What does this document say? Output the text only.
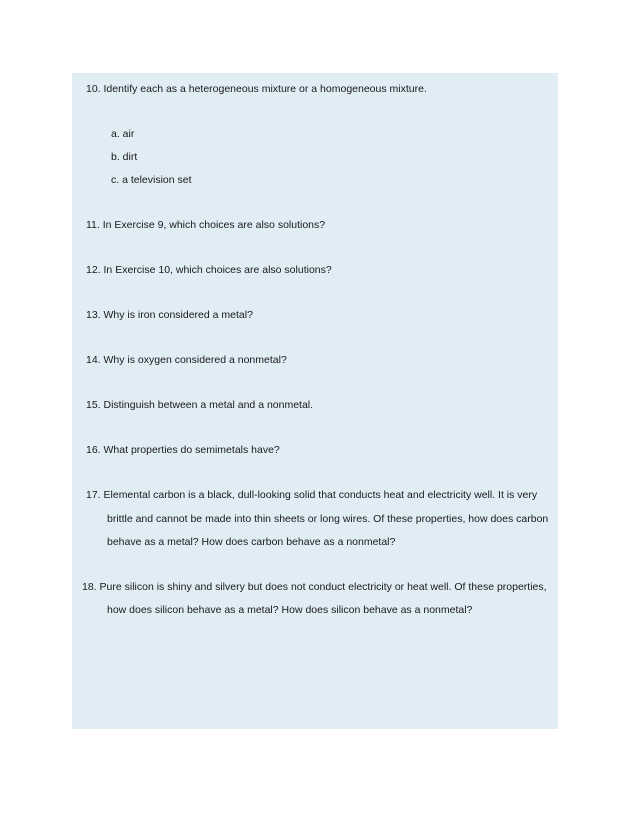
10. Identify each as a heterogeneous mixture or a homogeneous mixture.
a. air
b. dirt
c. a television set
11. In Exercise 9, which choices are also solutions?
12. In Exercise 10, which choices are also solutions?
13. Why is iron considered a metal?
14. Why is oxygen considered a nonmetal?
15. Distinguish between a metal and a nonmetal.
16. What properties do semimetals have?
17. Elemental carbon is a black, dull-looking solid that conducts heat and electricity well. It is very
brittle and cannot be made into thin sheets or long wires. Of these properties, how does carbon
behave as a metal? How does carbon behave as a nonmetal?
18. Pure silicon is shiny and silvery but does not conduct electricity or heat well. Of these properties,
how does silicon behave as a metal? How does silicon behave as a nonmetal?
